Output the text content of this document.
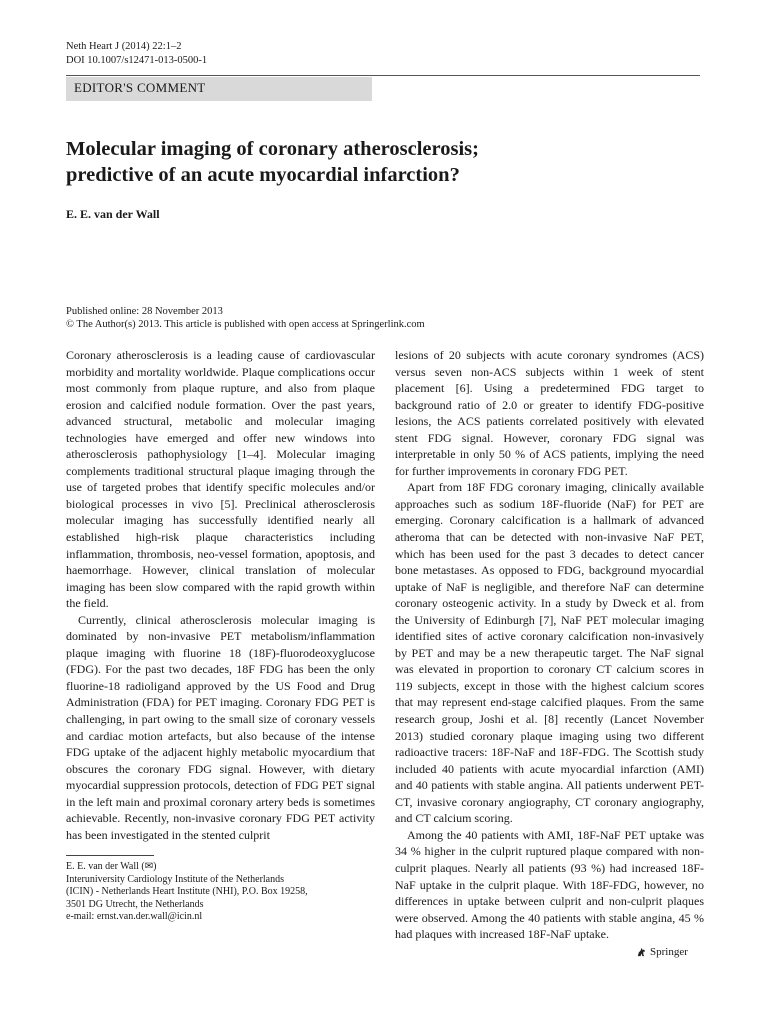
Neth Heart J (2014) 22:1–2
DOI 10.1007/s12471-013-0500-1
EDITOR'S COMMENT
Molecular imaging of coronary atherosclerosis;
predictive of an acute myocardial infarction?
E. E. van der Wall
Published online: 28 November 2013
© The Author(s) 2013. This article is published with open access at Springerlink.com

Coronary atherosclerosis is a leading cause of cardiovascular morbidity and mortality worldwide. Plaque complications occur most commonly from plaque rupture, and also from plaque erosion and calcified nodule formation. Over the past years, advanced structural, metabolic and molecular imaging technologies have emerged and offer new windows into atherosclerosis pathophysiology [1–4]. Molecular imaging complements traditional structural plaque imaging through the use of targeted probes that identify specific molecules and/or biological processes in vivo [5]. Preclinical atherosclerosis molecular imaging has successfully identified nearly all established high-risk plaque characteristics including inflammation, thrombosis, neo-vessel formation, apoptosis, and haemorrhage. However, clinical translation of molecular imaging has been slow compared with the rapid growth within the field.

Currently, clinical atherosclerosis molecular imaging is dominated by non-invasive PET metabolism/inflammation plaque imaging with fluorine 18 (18F)-fluorodeoxyglucose (FDG). For the past two decades, 18F FDG has been the only fluorine-18 radioligand approved by the US Food and Drug Administration (FDA) for PET imaging. Coronary FDG PET is challenging, in part owing to the small size of coronary vessels and cardiac motion artefacts, but also because of the intense FDG uptake of the adjacent highly metabolic myocardium that obscures the coronary FDG signal. However, with dietary myocardial suppression protocols, detection of FDG PET signal in the left main and proximal coronary artery beds is sometimes achievable. Recently, non-invasive coronary FDG PET activity has been investigated in the stented culprit

lesions of 20 subjects with acute coronary syndromes (ACS) versus seven non-ACS subjects within 1 week of stent placement [6]. Using a predetermined FDG target to background ratio of 2.0 or greater to identify FDG-positive lesions, the ACS patients correlated positively with elevated stent FDG signal. However, coronary FDG signal was interpretable in only 50 % of ACS patients, implying the need for further improvements in coronary FDG PET.

Apart from 18F FDG coronary imaging, clinically available approaches such as sodium 18F-fluoride (NaF) for PET are emerging. Coronary calcification is a hallmark of advanced atheroma that can be detected with non-invasive NaF PET, which has been used for the past 3 decades to detect cancer bone metastases. As opposed to FDG, background myocardial uptake of NaF is negligible, and therefore NaF can determine coronary osteogenic activity. In a study by Dweck et al. from the University of Edinburgh [7], NaF PET molecular imaging identified sites of active coronary calcification non-invasively by PET and may be a new therapeutic target. The NaF signal was elevated in proportion to coronary CT calcium scores in 119 subjects, except in those with the highest calcium scores that may represent end-stage calcified plaques. From the same research group, Joshi et al. [8] recently (Lancet November 2013) studied coronary plaque imaging using two different radioactive tracers: 18F-NaF and 18F-FDG. The Scottish study included 40 patients with acute myocardial infarction (AMI) and 40 patients with stable angina. All patients underwent PET-CT, invasive coronary angiography, CT coronary angiography, and CT calcium scoring.

Among the 40 patients with AMI, 18F-NaF PET uptake was 34 % higher in the culprit ruptured plaque compared with non-culprit plaques. Nearly all patients (93 %) had increased 18F-NaF uptake in the culprit plaque. With 18F-FDG, however, no differences in uptake between culprit and non-culprit plaques were observed. Among the 40 patients with stable angina, 45 % had plaques with increased 18F-NaF uptake.

E. E. van der Wall (✉)
Interuniversity Cardiology Institute of the Netherlands
(ICIN) - Netherlands Heart Institute (NHI), P.O. Box 19258,
3501 DG Utrecht, the Netherlands
e-mail: ernst.van.der.wall@icin.nl
Springer
